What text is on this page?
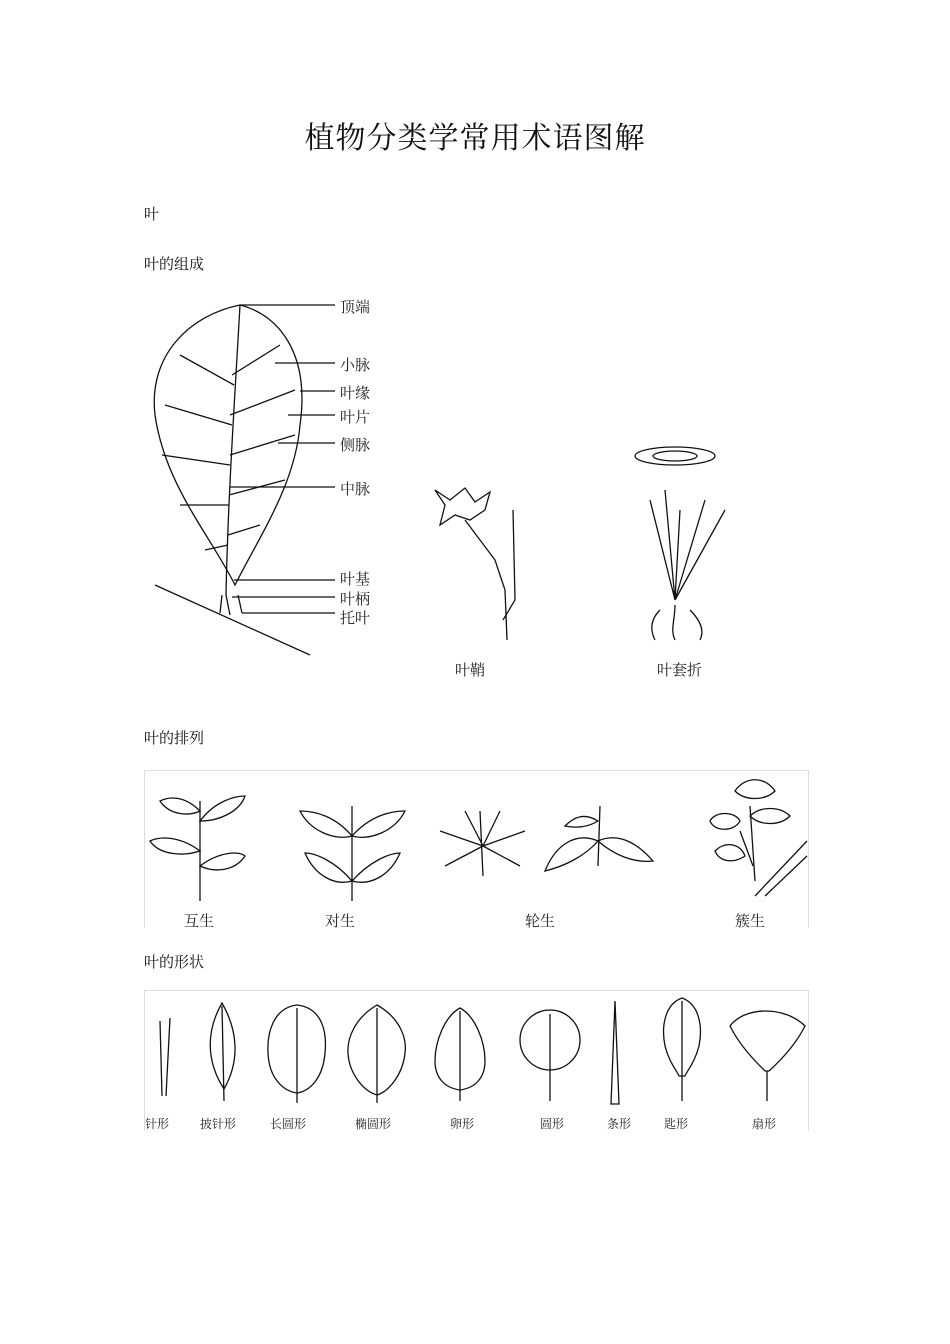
植物分类学常用术语图解
叶
叶的组成
顶端
小脉
叶缘
叶片
侧脉
中脉
叶基
叶柄
托叶
叶鞘	叶套折
叶的排列
互生	对生	轮生	簇生
叶的形状
针形	披针形	长圆形	椭圆形	卵形	圆形	条形	匙形	扇形
